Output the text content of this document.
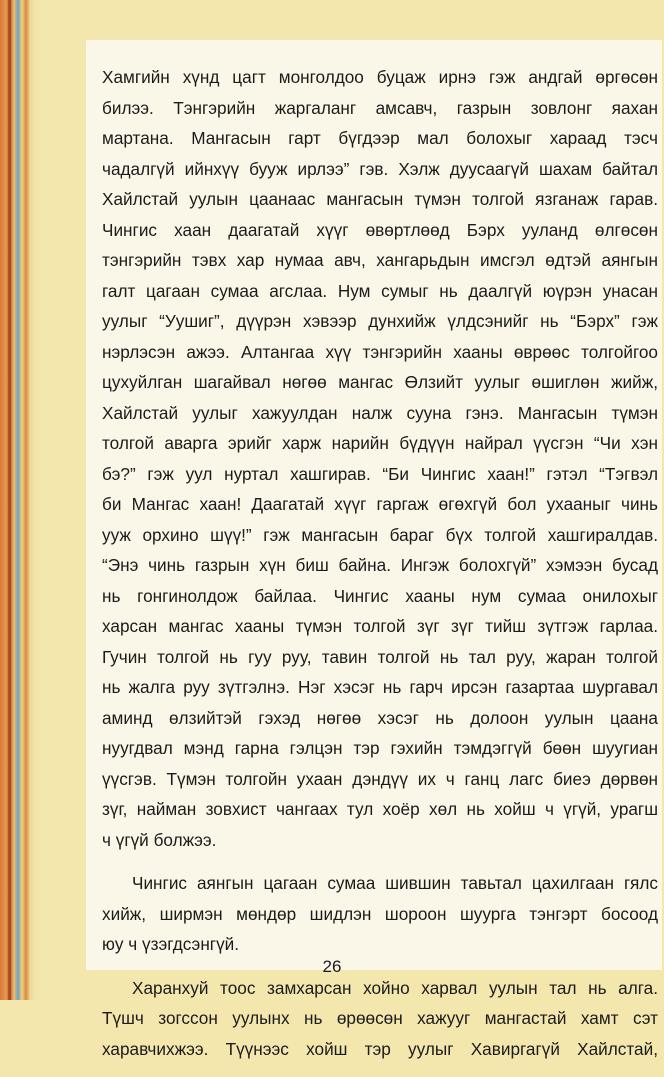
Хамгийн хүнд цагт монголдоо буцаж ирнэ гэж андгай өргөсөн
билээ. Тэнгэрийн жаргаланг амсавч, газрын зовлонг яахан
мартана. Мангасын гарт бүгдээр мал болохыг хараад тэсч
чадалгүй ийнхүү бууж ирлээ” гэв. Хэлж дуусаагүй шахам байтал
Хайлстай уулын цаанаас мангасын түмэн толгой язганаж гарав.
Чингис хаан даагатай хүүг өвөртлөөд Бэрх ууланд өлгөсөн
тэнгэрийн тэвх хар нумаа авч, хангарьдын имсгэл өдтэй аянгын
галт цагаан сумаа агслаа. Нум сумыг нь даалгүй юүрэн унасан
уулыг “Уушиг”, дүүрэн хэвээр дунхийж үлдсэнийг нь “Бэрх” гэж
нэрлэсэн ажээ. Алтангаа хүү тэнгэрийн хааны өврөөс толгойгоо
цухуйлган шагайвал нөгөө мангас Өлзийт уулыг өшиглөн жийж,
Хайлстай уулыг хажуулдан налж сууна гэнэ. Мангасын түмэн
толгой аварга эрийг харж нарийн бүдүүн найрал үүсгэн “Чи хэн
бэ?” гэж уул нуртал хашгирав. “Би Чингис хаан!” гэтэл “Тэгвэл
би Мангас хаан! Даагатай хүүг гаргаж өгөхгүй бол ухааныг чинь
ууж орхино шүү!” гэж мангасын бараг бүх толгой хашгиралдав.
“Энэ чинь газрын хүн биш байна. Ингэж болохгүй” хэмээн бусад
нь гонгинолдож байлаа. Чингис хааны нум сумаа онилохыг
харсан мангас хааны түмэн толгой зүг зүг тийш зүтгэж гарлаа.
Гучин толгой нь гуу руу, тавин толгой нь тал руу, жаран толгой
нь жалга руу зүтгэлнэ. Нэг хэсэг нь гарч ирсэн газартаа шургавал
аминд өлзийтэй гэхэд нөгөө хэсэг нь долоон уулын цаана
нуугдвал мэнд гарна гэлцэн тэр гэхийн тэмдэггүй бөөн шуугиан
үүсгэв. Түмэн толгойн ухаан дэндүү их ч ганц лагс биеэ дөрвөн
зүг, найман зовхист чангаах тул хоёр хөл нь хойш ч үгүй, урагш
ч үгүй болжээ.

Чингис аянгын цагаан сумаа шившин тавьтал цахилгаан гялс
хийж, ширмэн мөндөр шидлэн шороон шуурга тэнгэрт босоод
юу ч үзэгдсэнгүй.

Харанхуй тоос замхарсан хойно харвал уулын тал нь алга.
Түшч зогссон уулынх нь өрөөсөн хажууг мангастай хамт сэт
харавчихжээ. Түүнээс хойш тэр уулыг Хавиргагүй Хайлстай,

26
